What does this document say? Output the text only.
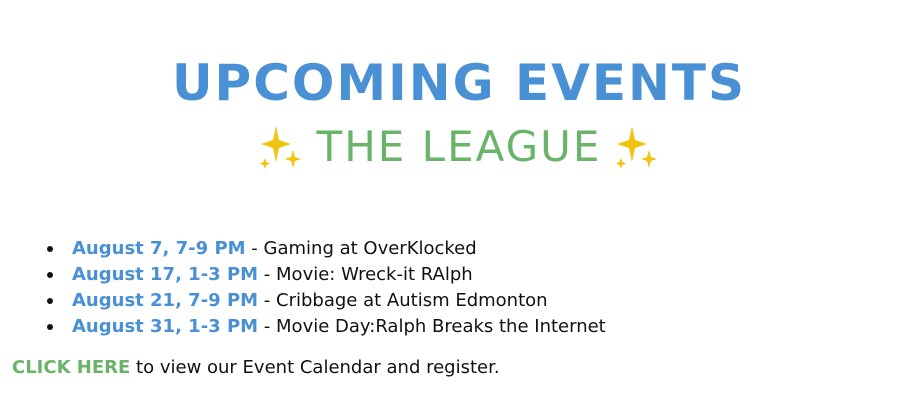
UPCOMING EVENTS
THE LEAGUE
August 7, 7-9 PM - Gaming at OverKlocked
August 17, 1-3 PM - Movie: Wreck-it RAlph
August 21, 7-9 PM - Cribbage at Autism Edmonton
August 31, 1-3 PM - Movie Day:Ralph Breaks the Internet
CLICK HERE to view our Event Calendar and register.
